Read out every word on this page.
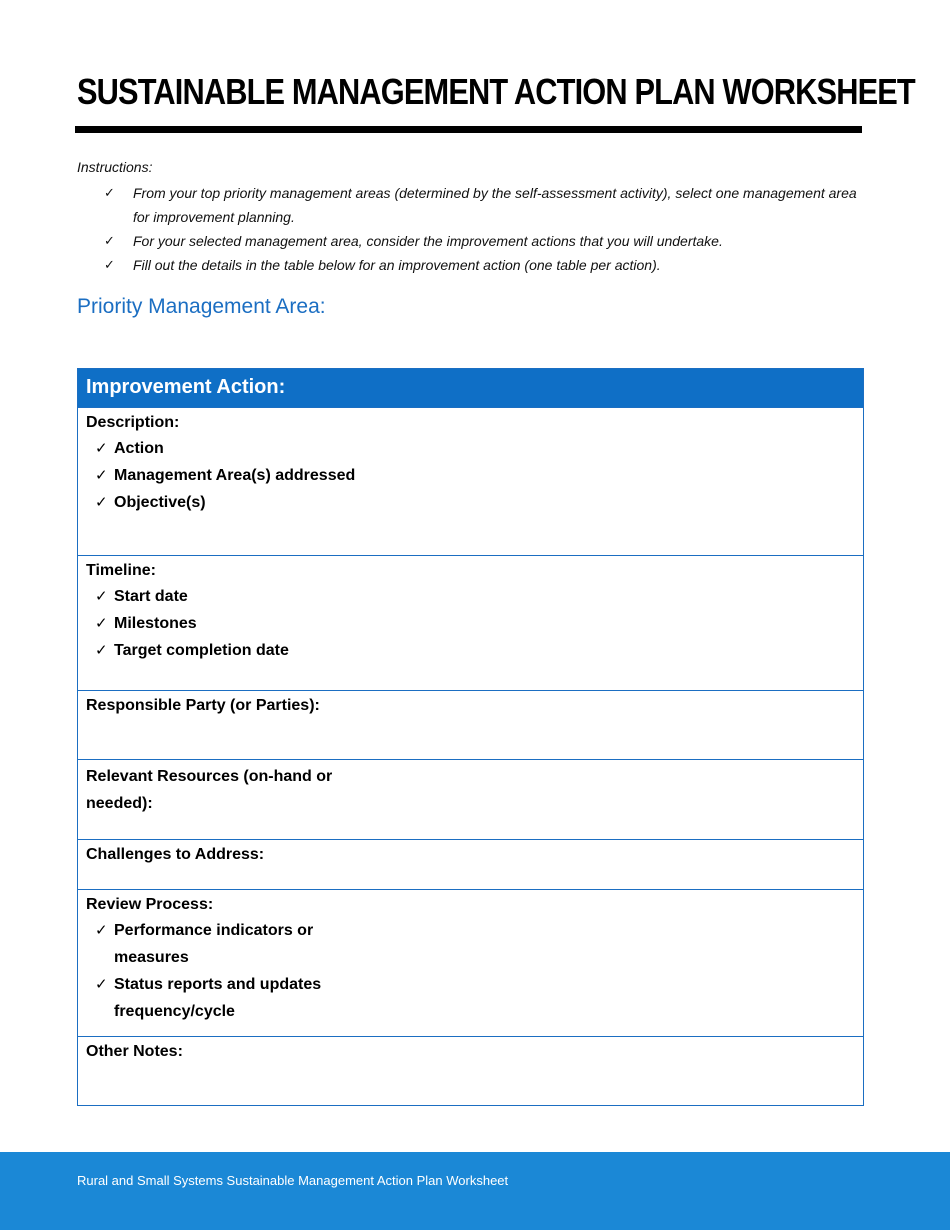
SUSTAINABLE MANAGEMENT ACTION PLAN WORKSHEET
Instructions:
✓	From your top priority management areas (determined by the self-assessment activity), select one management area for improvement planning.
✓	For your selected management area, consider the improvement actions that you will undertake.
✓	Fill out the details in the table below for an improvement action (one table per action).
Priority Management Area:
Improvement Action:
Description:
✓ Action
✓ Management Area(s) addressed
✓ Objective(s)
Timeline:
✓ Start date
✓ Milestones
✓ Target completion date
Responsible Party (or Parties):
Relevant Resources (on-hand or needed):
Challenges to Address:
Review Process:
✓ Performance indicators or measures
✓ Status reports and updates frequency/cycle
Other Notes:
Rural and Small Systems Sustainable Management Action Plan Worksheet
